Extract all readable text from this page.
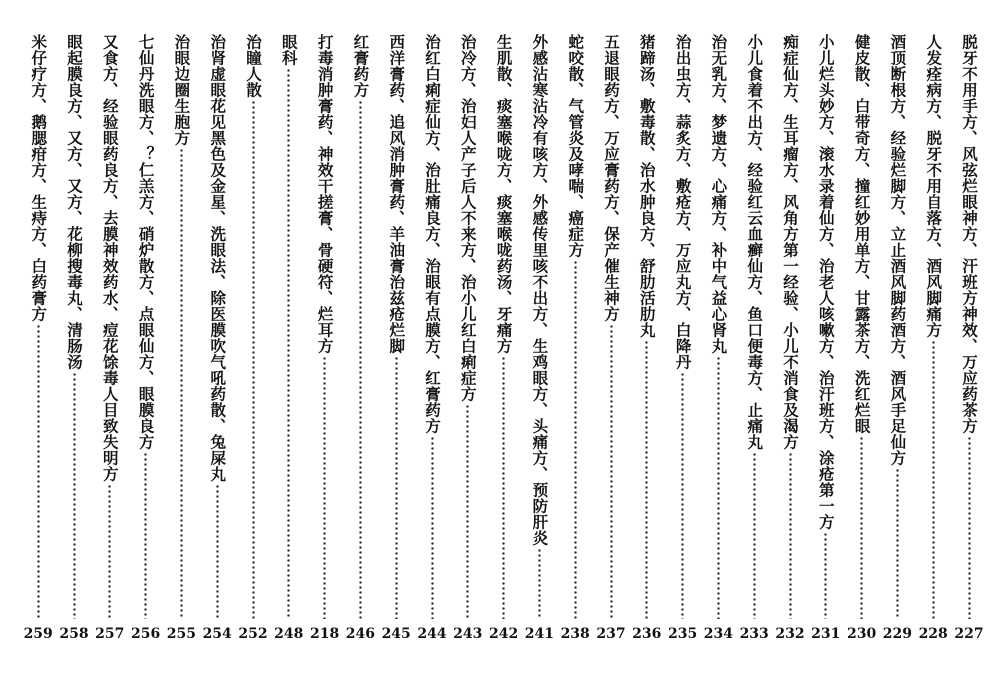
脱牙不用手方、风弦烂眼神方、汗班方神效、万应药茶方
227
人发痊病方、脱牙不用自落方、酒风脚痛方
228
酒顶断根方、经验烂脚方、立止酒风脚药酒方、酒风手足仙方
229
健皮散、白带奇方、撞红妙用单方、甘露茶方、洗红烂眼
230
小儿烂头妙方、滚水录着仙方、治老人咳嗽方、治汗班方、涂疮第一方
231
痴症仙方、生耳瘤方、风角方第一经验、小儿不消食及渴方
232
小儿食着不出方、经验红云血癣仙方、鱼口便毒方、止痛丸
233
治无乳方、梦遗方、心痛方、补中气益心肾丸
234
治出虫方、蒜炙方、敷疮方、万应丸方、白降丹
235
猪蹄汤、敷毒散、治水肿良方、舒肋活肋丸
236
五退眼药方、万应膏药方、保产催生神方
237
蛇咬散、气管炎及哮喘、癌症方
238
外感沾寒沾冷有咳方、外感传里咳不出方、生鸡眼方、头痛方、预防肝炎
241
生肌散、痰塞喉咙方、痰塞喉咙药汤、牙痛方
242
治冷方、治妇人产子后人不来方、治小儿红白痢症方
243
治红白痢症仙方、治肚痛良方、治眼有点膜方、红膏药方
244
西洋膏药、追风消肿膏药、羊油膏治兹疮烂脚
245
红膏药方
246
打毒消肿膏药、神效干搓膏、骨硬符、烂耳方
218
眼科
248
治瞳人散
252
治肾虚眼花见黑色及金星、洗眼法、除医膜吹气吼药散、兔屎丸
254
治眼边圈生胞方
255
七仙丹洗眼方、？仁羔方、硝炉散方、点眼仙方、眼膜良方
256
又食方、经验眼药良方、去膜神效药水、痘花馀毒人目致失明方
257
眼起膜良方、又方、又方、花柳搜毒丸、清肠汤
258
米仔疗方、鹅腮疳方、生痔方、白药膏方
259
